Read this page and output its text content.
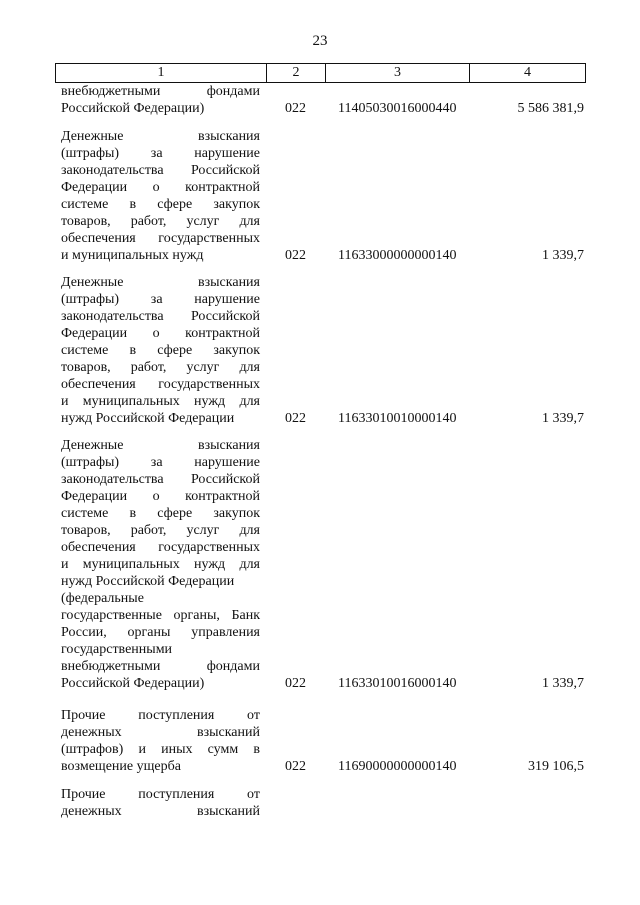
23
1	2	3	4
внебюджетными фондами
Российской Федерации)	022 11405030016000440	5 586 381,9
Денежные взыскания
(штрафы) за нарушение
законодательства Российской
Федерации о контрактной
системе в сфере закупок
товаров, работ, услуг для
обеспечения государственных
и муниципальных нужд	022 11633000000000140	1 339,7
Денежные взыскания
(штрафы) за нарушение
законодательства Российской
Федерации о контрактной
системе в сфере закупок
товаров, работ, услуг для
обеспечения государственных
и муниципальных нужд для
нужд Российской Федерации	022 11633010010000140	1 339,7
Денежные взыскания
(штрафы) за нарушение
законодательства Российской
Федерации о контрактной
системе в сфере закупок
товаров, работ, услуг для
обеспечения государственных
и муниципальных нужд для
нужд Российской Федерации
(федеральные
государственные органы, Банк
России, органы управления
государственными
внебюджетными фондами
Российской Федерации)	022 11633010016000140	1 339,7
Прочие поступления от
денежных взысканий
(штрафов) и иных сумм в
возмещение ущерба	022 11690000000000140	319 106,5
Прочие поступления от
денежных взысканий
